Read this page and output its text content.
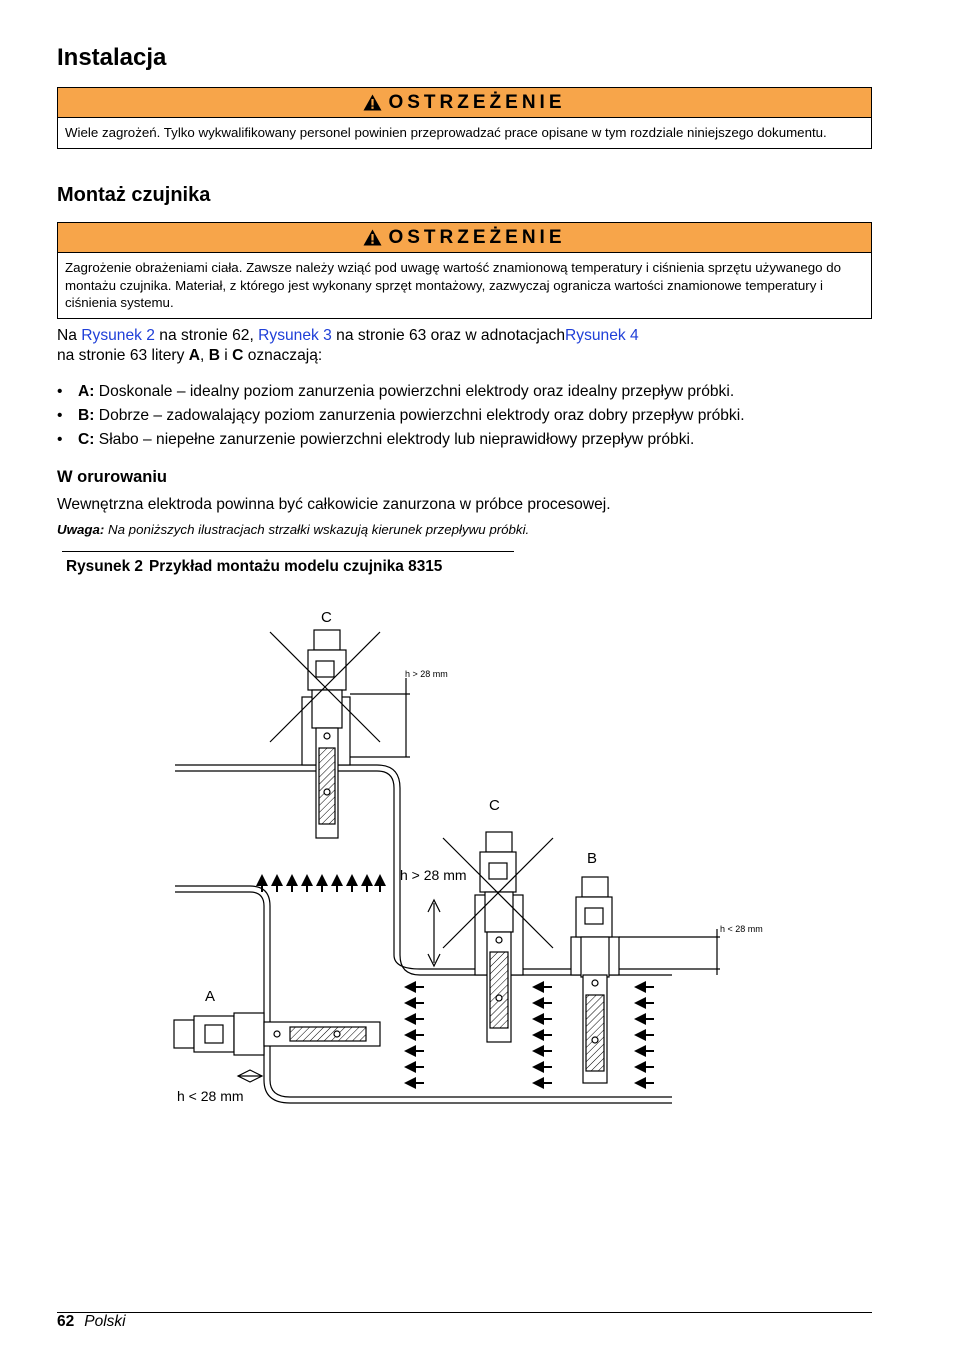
Instalacja
OSTRZEŻENIE
Wiele zagrożeń. Tylko wykwalifikowany personel powinien przeprowadzać prace opisane w tym rozdziale niniejszego dokumentu.
Montaż czujnika
OSTRZEŻENIE
Zagrożenie obrażeniami ciała. Zawsze należy wziąć pod uwagę wartość znamionową temperatury i ciśnienia sprzętu używanego do montażu czujnika. Materiał, z którego jest wykonany sprzęt montażowy, zazwyczaj ogranicza wartości znamionowe temperatury i ciśnienia systemu.
Na Rysunek 2 na stronie 62, Rysunek 3 na stronie 63 oraz w adnotacjachRysunek 4
na stronie 63 litery A, B i C oznaczają:
• A: Doskonale – idealny poziom zanurzenia powierzchni elektrody oraz idealny przepływ próbki.
• B: Dobrze – zadowalający poziom zanurzenia powierzchni elektrody oraz dobry przepływ próbki.
• C: Słabo – niepełne zanurzenie powierzchni elektrody lub nieprawidłowy przepływ próbki.
W orurowaniu
Wewnętrzna elektroda powinna być całkowicie zanurzona w próbce procesowej.
Uwaga: Na poniższych ilustracjach strzałki wskazują kierunek przepływu próbki.
Rysunek 2 Przykład montażu modelu czujnika 8315
C
C
B
A
h > 28 mm
h > 28 mm
h < 28 mm
h < 28 mm
62 Polski
